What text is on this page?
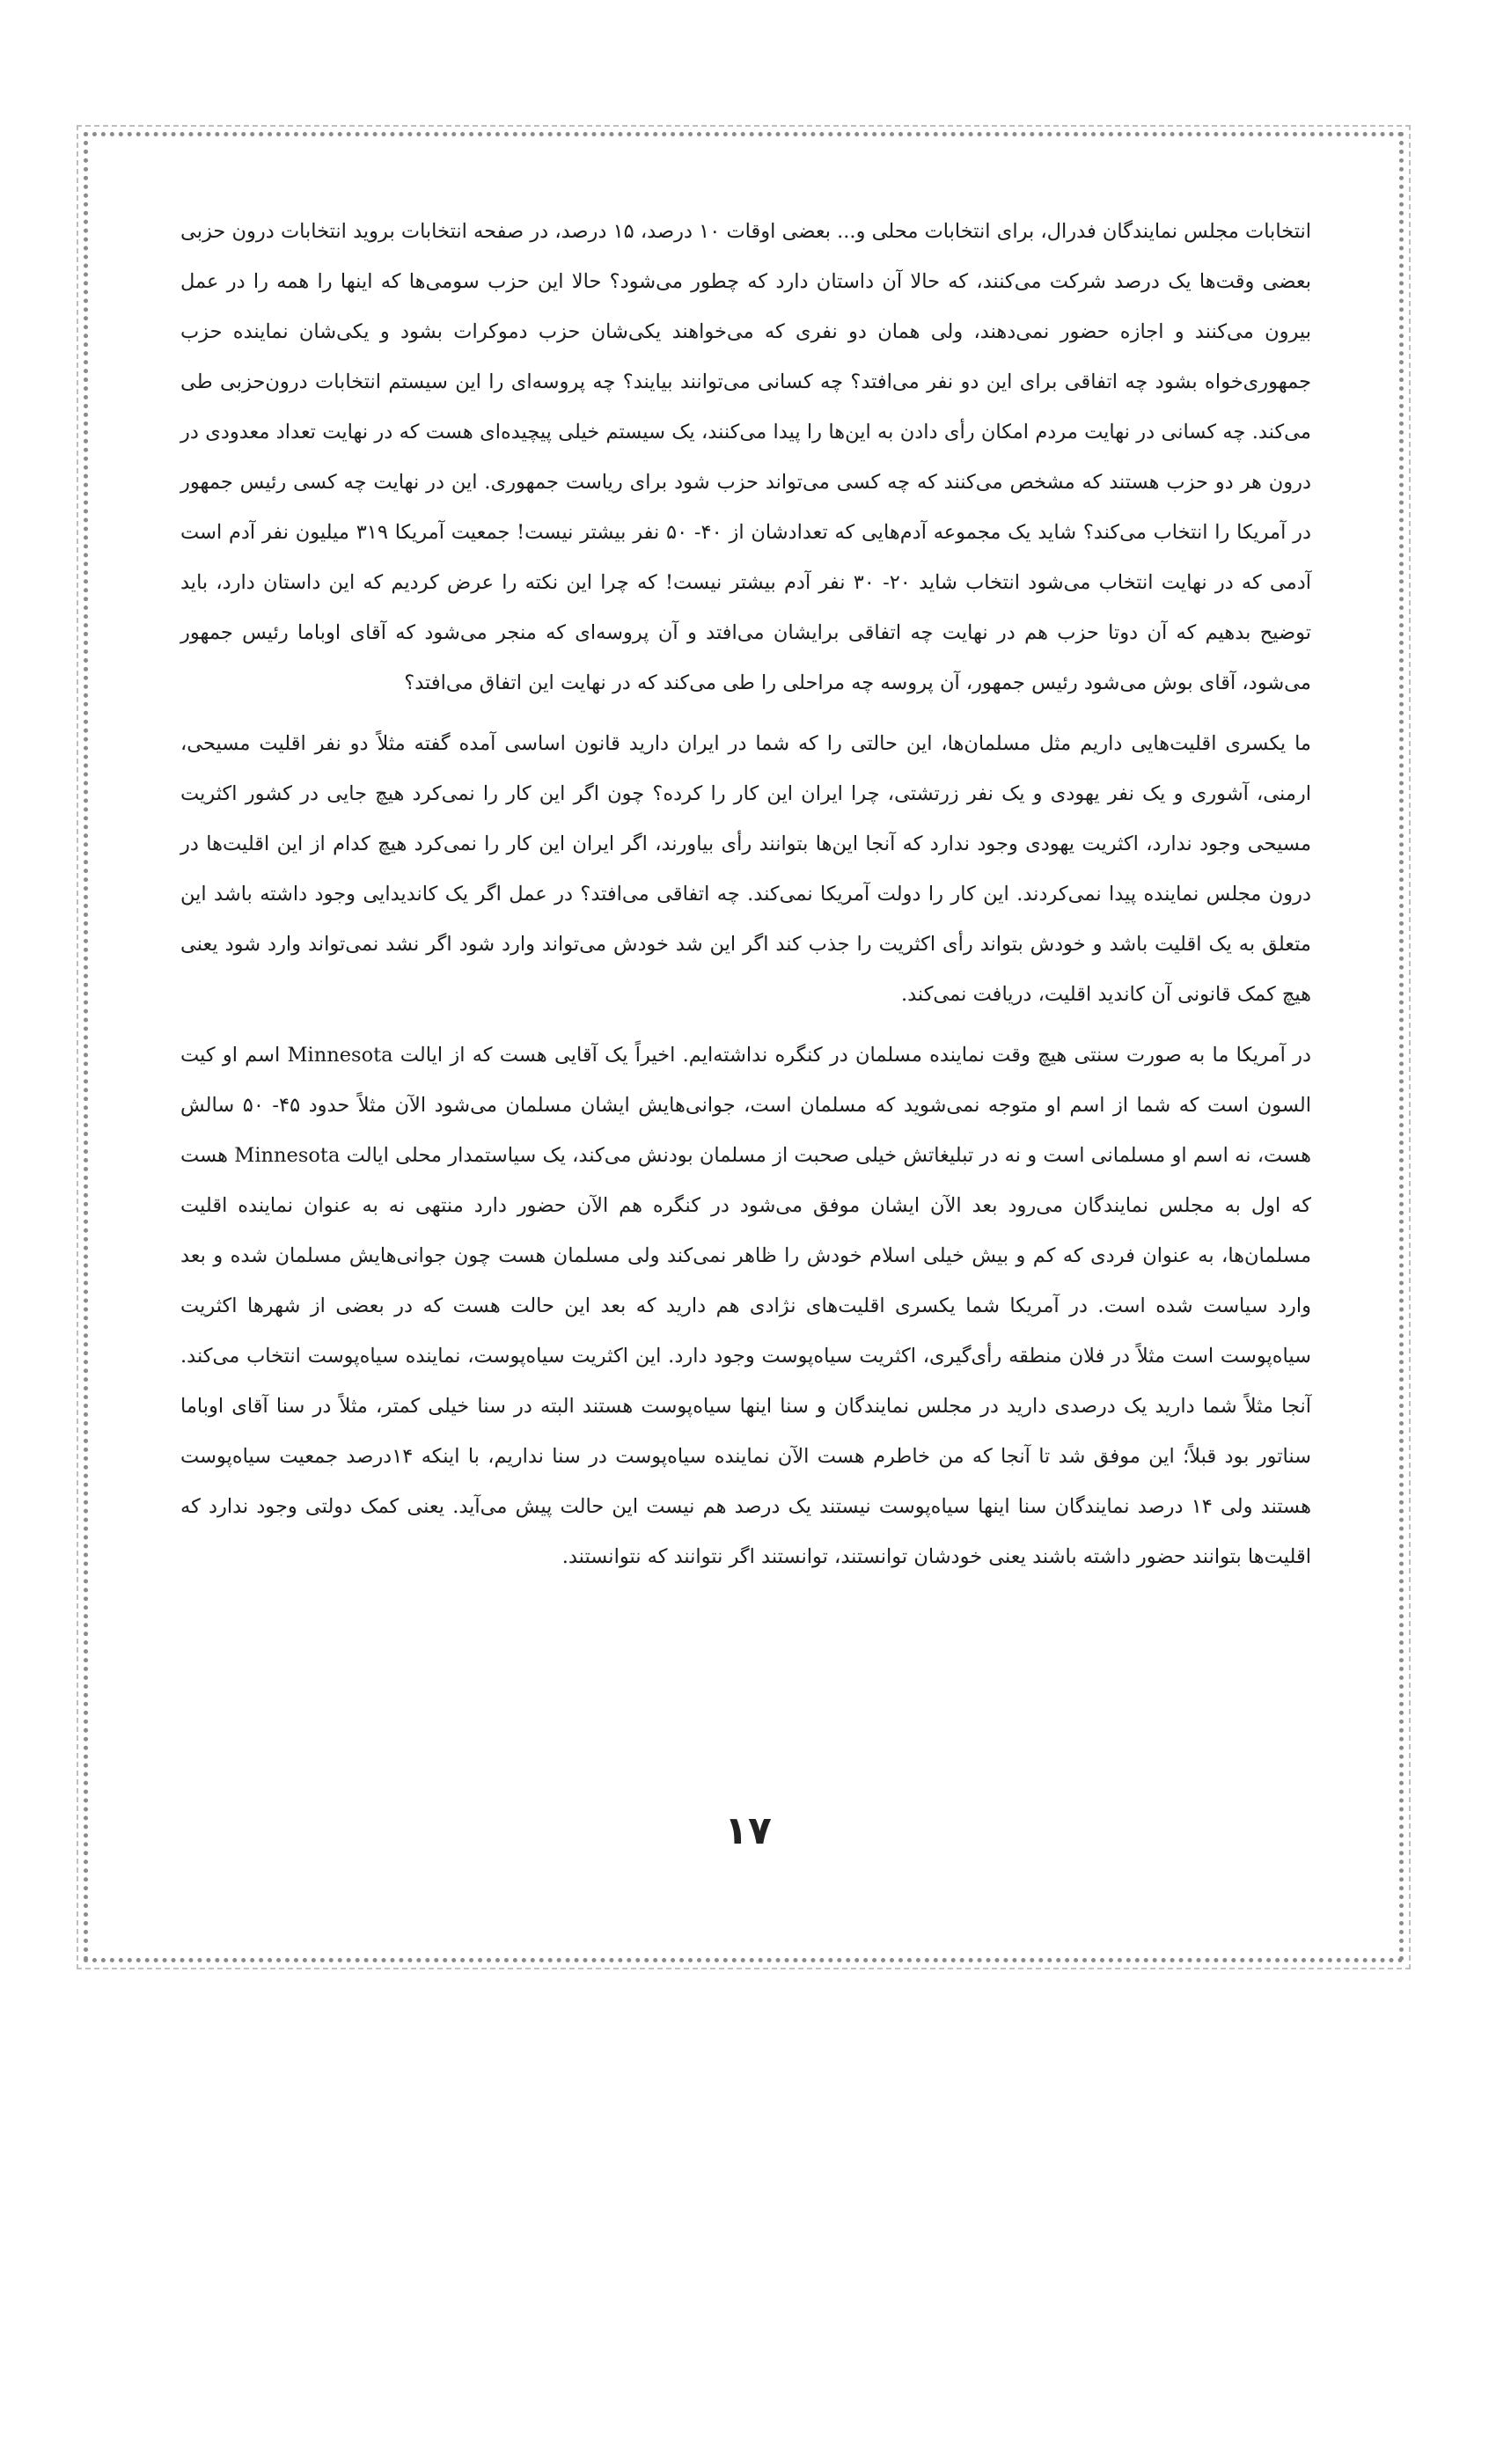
انتخابات مجلس نمایندگان فدرال، برای انتخابات محلی و... بعضی اوقات ۱۰ درصد، ۱۵ درصد، در صفحه انتخابات بروید انتخابات درون حزبی بعضی وقت‌ها یک درصد شرکت می‌کنند، که حالا آن داستان دارد که چطور می‌شود؟ حالا این حزب سومی‌ها که اینها را همه را در عمل بیرون می‌کنند و اجازه حضور نمی‌دهند، ولی همان دو نفری که می‌خواهند یکی‌شان حزب دموکرات بشود و یکی‌شان نماینده حزب جمهوری‌خواه بشود چه اتفاقی برای این دو نفر می‌افتد؟ چه کسانی می‌توانند بیایند؟ چه پروسه‌ای را این سیستم انتخابات درون‌حزبی طی می‌کند. چه کسانی در نهایت مردم امکان رأی دادن به این‌ها را پیدا می‌کنند، یک سیستم خیلی پیچیده‌ای هست که در نهایت تعداد معدودی در درون هر دو حزب هستند که مشخص می‌کنند که چه کسی می‌تواند حزب شود برای ریاست جمهوری. این در نهایت چه کسی رئیس جمهور در آمریکا را انتخاب می‌کند؟ شاید یک مجموعه آدم‌هایی که تعدادشان از ۴۰- ۵۰ نفر بیشتر نیست! جمعیت آمریکا ۳۱۹ میلیون نفر آدم است آدمی که در نهایت انتخاب می‌شود انتخاب شاید ۲۰- ۳۰ نفر آدم بیشتر نیست! که چرا این نکته را عرض کردیم که این داستان دارد، باید توضیح بدهیم که آن دوتا حزب هم در نهایت چه اتفاقی برایشان می‌افتد و آن پروسه‌ای که منجر می‌شود که آقای اوباما رئیس جمهور می‌شود، آقای بوش می‌شود رئیس جمهور، آن پروسه چه مراحلی را طی می‌کند که در نهایت این اتفاق می‌افتد؟

ما یکسری اقلیت‌هایی داریم مثل مسلمان‌ها، این حالتی را که شما در ایران دارید قانون اساسی آمده گفته مثلاً دو نفر اقلیت مسیحی، ارمنی، آشوری و یک نفر یهودی و یک نفر زرتشتی، چرا ایران این کار را کرده؟ چون اگر این کار را نمی‌کرد هیچ جایی در کشور اکثریت مسیحی وجود ندارد، اکثریت یهودی وجود ندارد که آنجا این‌ها بتوانند رأی بیاورند، اگر ایران این کار را نمی‌کرد هیچ کدام از این اقلیت‌ها در درون مجلس نماینده پیدا نمی‌کردند. این کار را دولت آمریکا نمی‌کند. چه اتفاقی می‌افتد؟ در عمل اگر یک کاندیدایی وجود داشته باشد این متعلق به یک اقلیت باشد و خودش بتواند رأی اکثریت را جذب کند اگر این شد خودش می‌تواند وارد شود اگر نشد نمی‌تواند وارد شود یعنی هیچ کمک قانونی آن کاندید اقلیت، دریافت نمی‌کند.

در آمریکا ما به صورت سنتی هیچ وقت نماینده مسلمان در کنگره نداشته‌ایم. اخیراً یک آقایی هست که از ایالت Minnesota اسم او کیت السون است که شما از اسم او متوجه نمی‌شوید که مسلمان است، جوانی‌هایش ایشان مسلمان می‌شود الآن مثلاً حدود ۴۵- ۵۰ سالش هست، نه اسم او مسلمانی است و نه در تبلیغاتش خیلی صحبت از مسلمان بودنش می‌کند، یک سیاستمدار محلی ایالت Minnesota هست که اول به مجلس نمایندگان می‌رود بعد الآن ایشان موفق می‌شود در کنگره هم الآن حضور دارد منتهی نه به عنوان نماینده اقلیت مسلمان‌ها، به عنوان فردی که کم و بیش خیلی اسلام خودش را ظاهر نمی‌کند ولی مسلمان هست چون جوانی‌هایش مسلمان شده و بعد وارد سیاست شده است. در آمریکا شما یکسری اقلیت‌های نژادی هم دارید که بعد این حالت هست که در بعضی از شهرها اکثریت سیاه‌پوست است مثلاً در فلان منطقه رأی‌گیری، اکثریت سیاه‌پوست وجود دارد. این اکثریت سیاه‌پوست، نماینده سیاه‌پوست انتخاب می‌کند. آنجا مثلاً شما دارید یک درصدی دارید در مجلس نمایندگان و سنا اینها سیاه‌پوست هستند البته در سنا خیلی کمتر، مثلاً در سنا آقای اوباما سناتور بود قبلاً؛ این موفق شد تا آنجا که من خاطرم هست الآن نماینده سیاه‌پوست در سنا نداریم، با اینکه ۱۴درصد جمعیت سیاه‌پوست هستند ولی ۱۴ درصد نمایندگان سنا اینها سیاه‌پوست نیستند یک درصد هم نیست این حالت پیش می‌آید. یعنی کمک دولتی وجود ندارد که اقلیت‌ها بتوانند حضور داشته باشند یعنی خودشان توانستند، توانستند اگر نتوانند که نتوانستند.

۱۷
